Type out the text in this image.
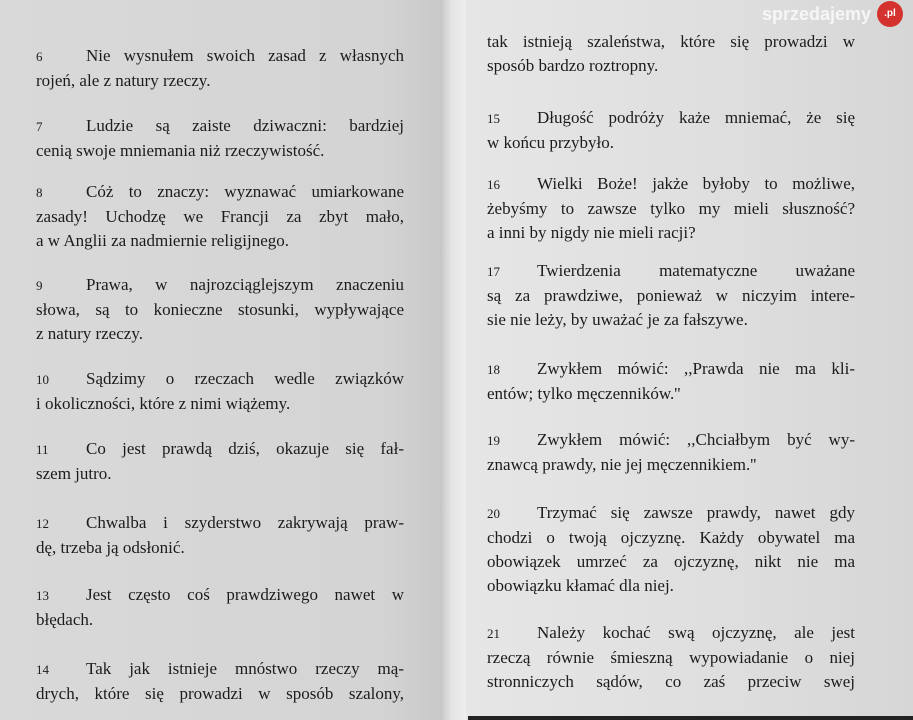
6	Nie wysnułem swoich zasad z własnych
rojeń, ale z natury rzeczy.
7	Ludzie są zaiste dziwaczni: bardziej
cenią swoje mniemania niż rzeczywistość.
8	Cóż to znaczy: wyznawać umiarkowane
zasady! Uchodzę we Francji za zbyt mało,
a w Anglii za nadmiernie religijnego.
9	Prawa, w najrozciąglejszym znaczeniu
słowa, są to konieczne stosunki, wypływające
z natury rzeczy.
10 Sądzimy o rzeczach wedle związków
i okoliczności, które z nimi wiążemy.
11 Co jest prawdą dziś, okazuje się fał-
szem jutro.
12 Chwalba i szyderstwo zakrywają praw-
dę, trzeba ją odsłonić.
13 Jest często coś prawdziwego nawet w
błędach.
14 Tak jak istnieje mnóstwo rzeczy mą-
drych, które się prowadzi w sposób szalony,
tak istnieją szaleństwa, które się prowadzi w
sposób bardzo roztropny.
15 Długość podróży każe mniemać, że się
w końcu przybyło.
16 Wielki Boże! jakże byłoby to możliwe,
żebyśmy to zawsze tylko my mieli słuszność?
a inni by nigdy nie mieli racji?
17 Twierdzenia matematyczne uważane
są za prawdziwe, ponieważ w niczyim intere-
sie nie leży, by uważać je za fałszywe.
18 Zwykłem mówić: ,,Prawda nie ma kli-
entów; tylko męczenników.''
19 Zwykłem mówić: ,,Chciałbym być wy-
znawcą prawdy, nie jej męczennikiem.''
20 Trzymać się zawsze prawdy, nawet gdy
chodzi o twoją ojczyznę. Każdy obywatel ma
obowiązek umrzeć za ojczyznę, nikt nie ma
obowiązku kłamać dla niej.
21 Należy kochać swą ojczyznę, ale jest
rzeczą równie śmieszną wypowiadanie o niej
stronniczych sądów, co zaś przeciw swej
sprzedajemy	.pl
